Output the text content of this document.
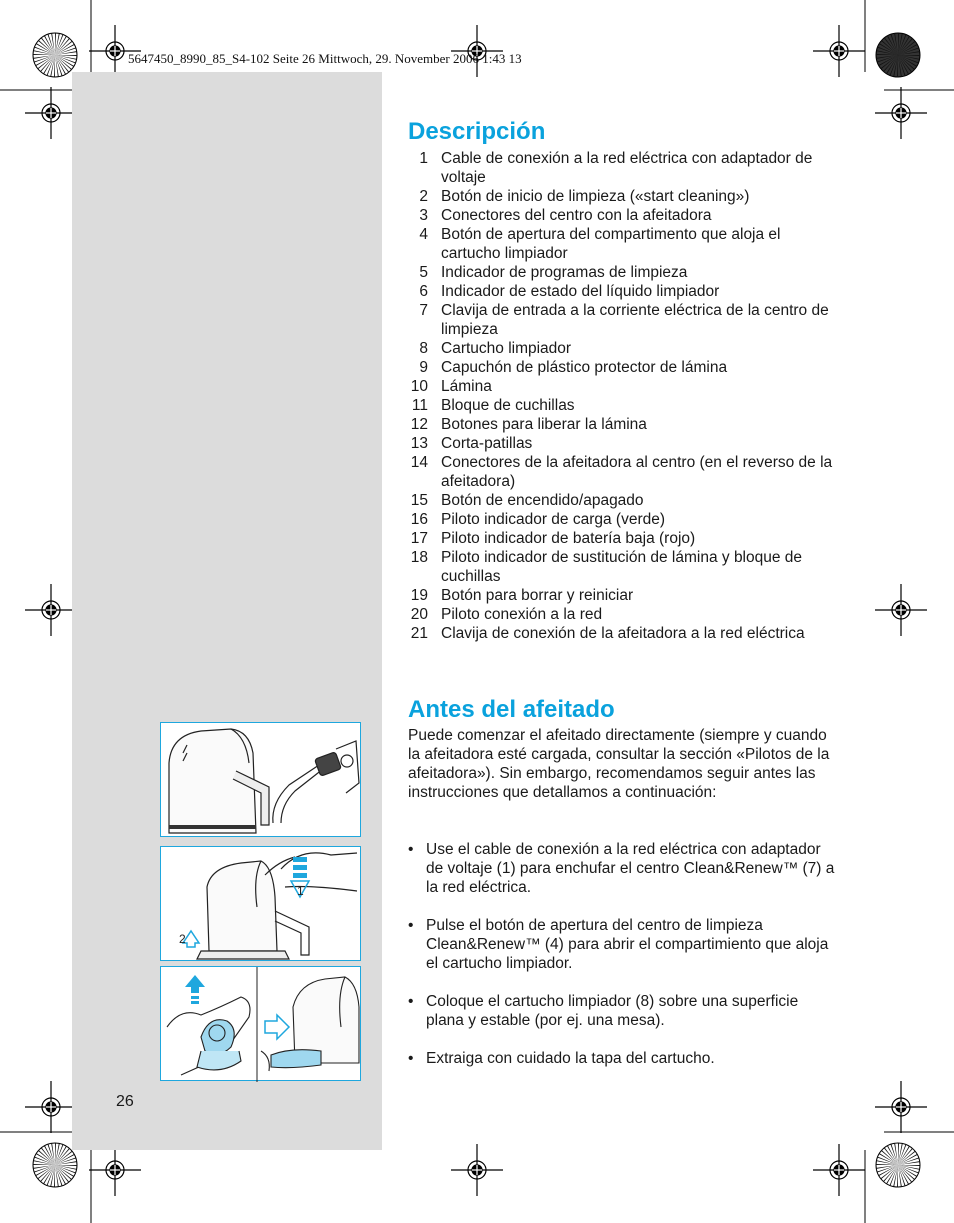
5647450_8990_85_S4-102 Seite 26 Mittwoch, 29. November 2006 1:43 13
Descripción
1 Cable de conexión a la red eléctrica con adaptador de voltaje
2 Botón de inicio de limpieza («start cleaning»)
3 Conectores del centro con la afeitadora
4 Botón de apertura del compartimento que aloja el cartucho limpiador
5 Indicador de programas de limpieza
6 Indicador de estado del líquido limpiador
7 Clavija de entrada a la corriente eléctrica de la centro de limpieza
8 Cartucho limpiador
9 Capuchón de plástico protector de lámina
10 Lámina
11 Bloque de cuchillas
12 Botones para liberar la lámina
13 Corta-patillas
14 Conectores de la afeitadora al centro (en el reverso de la afeitadora)
15 Botón de encendido/apagado
16 Piloto indicador de carga (verde)
17 Piloto indicador de batería baja (rojo)
18 Piloto indicador de sustitución de lámina y bloque de cuchillas
19 Botón para borrar y reiniciar
20 Piloto conexión a la red
21 Clavija de conexión de la afeitadora a la red eléctrica
Antes del afeitado

Puede comenzar el afeitado directamente (siempre y cuando la afeitadora esté cargada, consultar la sección «Pilotos de la afeitadora»). Sin embargo, recomendamos seguir antes las instrucciones que detallamos a continuación:

• Use el cable de conexión a la red eléctrica con adaptador de voltaje (1) para enchufar el centro Clean&Renew™ (7) a la red eléctrica.
• Pulse el botón de apertura del centro de limpieza Clean&Renew™ (4) para abrir el compartimiento que aloja el cartucho limpiador.
• Coloque el cartucho limpiador (8) sobre una superficie plana y estable (por ej. una mesa).
• Extraiga con cuidado la tapa del cartucho.
1
2
26
